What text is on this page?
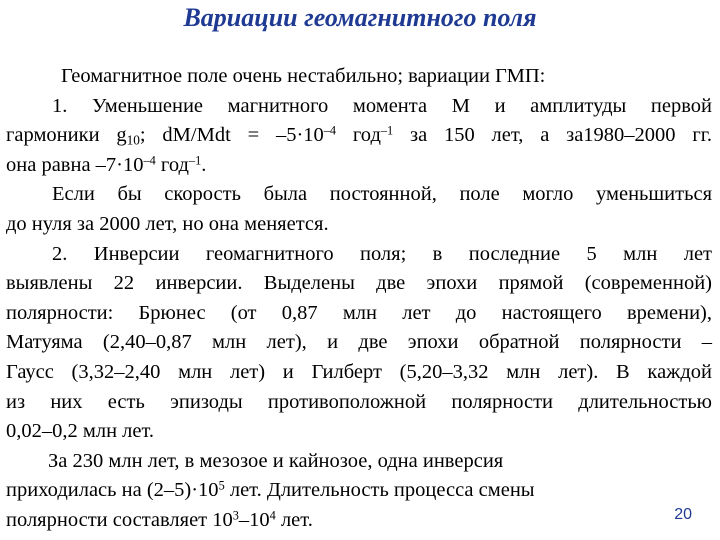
Вариации геомагнитного поля
Геомагнитное поле очень нестабильно; вариации ГМП:
1. Уменьшение магнитного момента M и амплитуды первой
гармоники $g_{10}$; $dM/Mdt = -5\cdot 10^{-4}$ год$^{-1}$ за 150 лет, а за1980–2000 гг.
она равна $-7\cdot 10^{-4}$ год$^{-1}$.
Если бы скорость была постоянной, поле могло уменьшиться
до нуля за 2000 лет, но она меняется.
2. Инверсии геомагнитного поля; в последние 5 млн лет
выявлены 22 инверсии. Выделены две эпохи прямой (современной)
полярности: Брюнес (от 0,87 млн лет до настоящего времени),
Матуяма (2,40–0,87 млн лет), и две эпохи обратной полярности –
Гаусс (3,32–2,40 млн лет) и Гилберт (5,20–3,32 млн лет). В каждой
из них есть эпизоды противоположной полярности длительностью
0,02–0,2 млн лет.
За 230 млн лет, в мезозое и кайнозое, одна инверсия
приходилась на $(2-5)\cdot 10^5$ лет. Длительность процесса смены
полярности составляет $10^3-10^4$ лет.	20
